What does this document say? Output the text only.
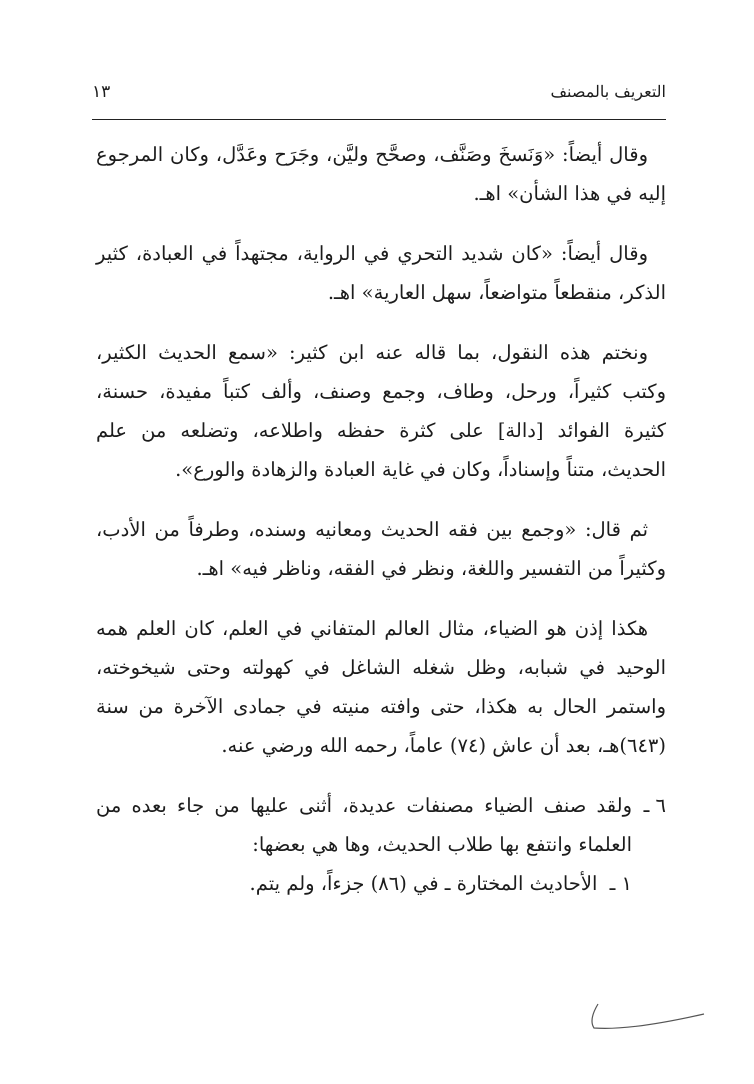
التعريف بالمصنف
١٣

وقال أيضاً: «وَنَسخَ وصَنَّف، وصحَّح وليَّن، وجَرَح وعَدَّل، وكان المرجوع إليه في هذا الشأن» اهـ.

وقال أيضاً: «كان شديد التحري في الرواية، مجتهداً في العبادة، كثير الذكر، منقطعاً متواضعاً، سهل العارية» اهـ.

ونختم هذه النقول، بما قاله عنه ابن كثير: «سمع الحديث الكثير، وكتب كثيراً، ورحل، وطاف، وجمع وصنف، وألف كتباً مفيدة، حسنة، كثيرة الفوائد [دالة] على كثرة حفظه واطلاعه، وتضلعه من علم الحديث، متناً وإسناداً، وكان في غاية العبادة والزهادة والورع».

ثم قال: «وجمع بين فقه الحديث ومعانيه وسنده، وطرفاً من الأدب، وكثيراً من التفسير واللغة، ونظر في الفقه، وناظر فيه» اهـ.

هكذا إذن هو الضياء، مثال العالم المتفاني في العلم، كان العلم همه الوحيد في شبابه، وظل شغله الشاغل في كهولته وحتى شيخوخته، واستمر الحال به هكذا، حتى وافته منيته في جمادى الآخرة من سنة (٦٤٣)هـ، بعد أن عاش (٧٤) عاماً، رحمه الله ورضي عنه.

٦ ـ
ولقد صنف الضياء مصنفات عديدة، أثنى عليها من جاء بعده من العلماء وانتفع بها طلاب الحديث، وها هي بعضها:
١ ـ الأحاديث المختارة ـ في (٨٦) جزءاً، ولم يتم.
